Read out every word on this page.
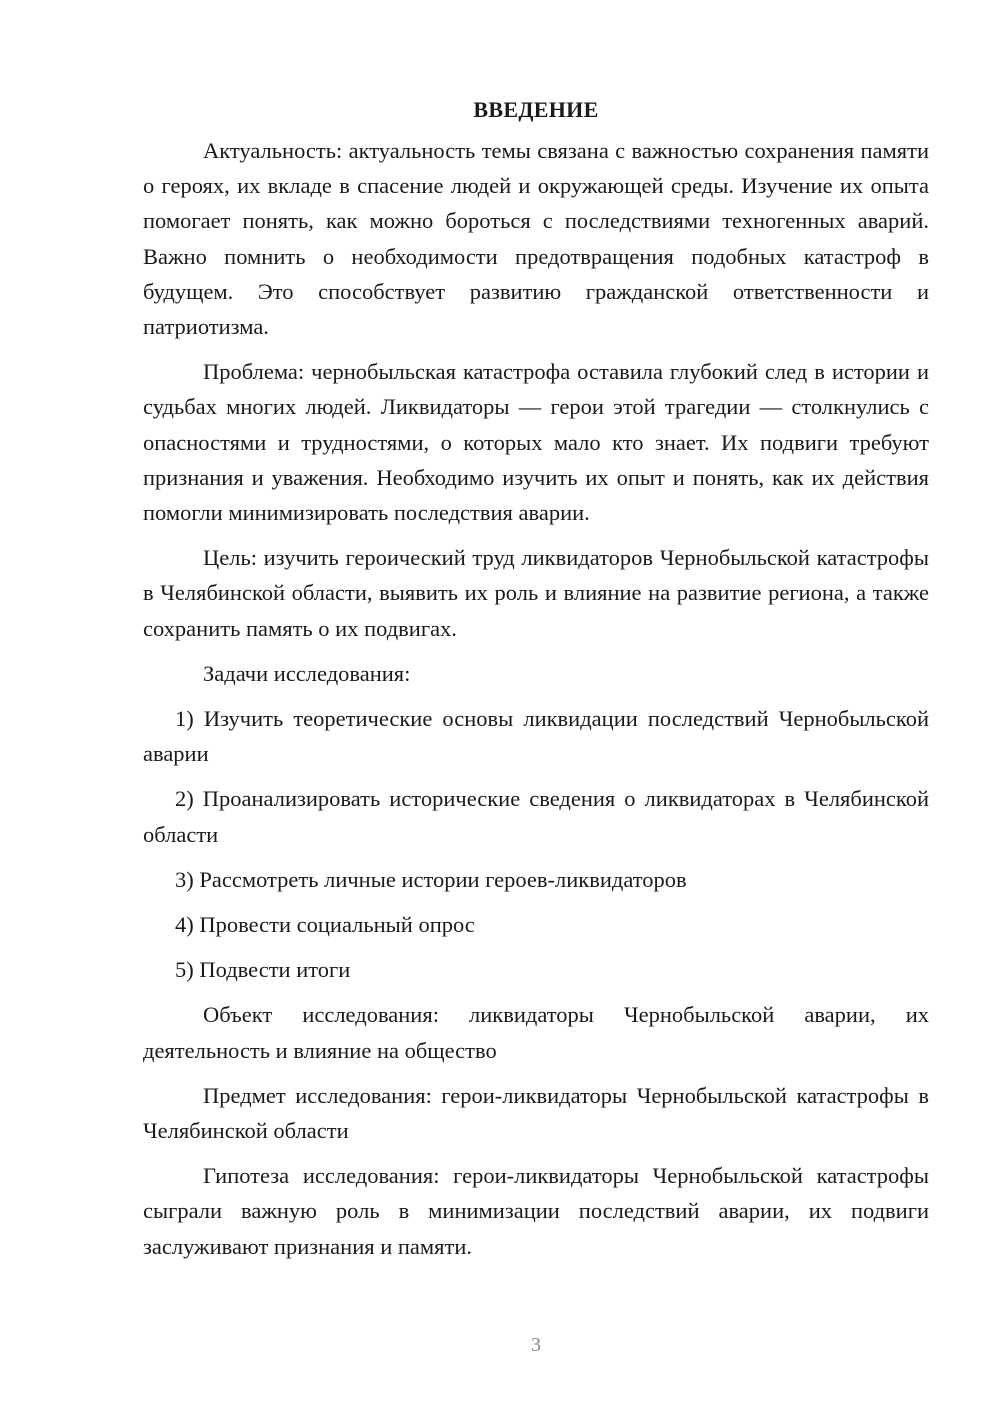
ВВЕДЕНИЕ

Актуальность: актуальность темы связана с важностью сохранения памяти о героях, их вкладе в спасение людей и окружающей среды. Изучение их опыта помогает понять, как можно бороться с последствиями техногенных аварий. Важно помнить о необходимости предотвращения подобных катастроф в будущем. Это способствует развитию гражданской ответственности и патриотизма.

Проблема: чернобыльская катастрофа оставила глубокий след в истории и судьбах многих людей. Ликвидаторы — герои этой трагедии — столкнулись с опасностями и трудностями, о которых мало кто знает. Их подвиги требуют признания и уважения. Необходимо изучить их опыт и понять, как их действия помогли минимизировать последствия аварии.

Цель: изучить героический труд ликвидаторов Чернобыльской катастрофы в Челябинской области, выявить их роль и влияние на развитие региона, а также сохранить память о их подвигах.

Задачи исследования:

1) Изучить теоретические основы ликвидации последствий Чернобыльской аварии

2) Проанализировать исторические сведения о ликвидаторах в Челябинской области

3) Рассмотреть личные истории героев-ликвидаторов

4) Провести социальный опрос

5) Подвести итоги

Объект исследования: ликвидаторы Чернобыльской аварии, их деятельность и влияние на общество

Предмет исследования: герои-ликвидаторы Чернобыльской катастрофы в Челябинской области

Гипотеза исследования: герои-ликвидаторы Чернобыльской катастрофы сыграли важную роль в минимизации последствий аварии, их подвиги заслуживают признания и памяти.

3
